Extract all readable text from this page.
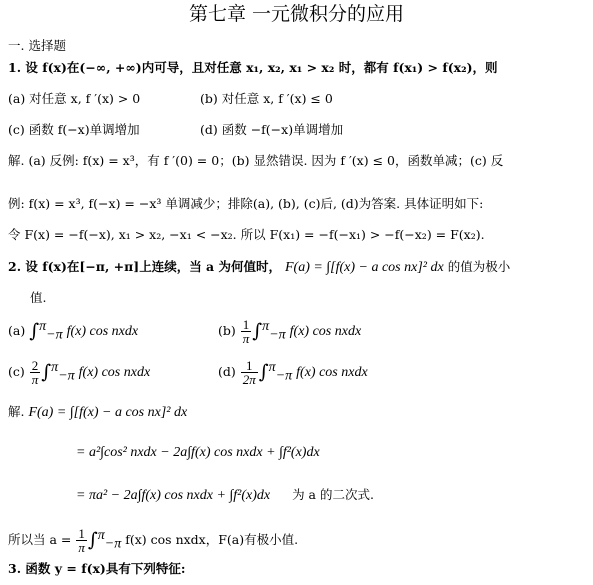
第七章 一元微积分的应用
一. 选择题
1. 设 f(x)在(−∞, +∞)内可导，且对任意 x₁, x₂, x₁ > x₂ 时，都有 f(x₁) > f(x₂)，则
(a) 对任意 x, f ′(x) > 0	(b) 对任意 x, f ′(x) ≤ 0
(c) 函数 f(−x)单调增加	(d) 函数 −f(−x)单调增加
解. (a) 反例: f(x) = x³，有 f ′(0) = 0；(b) 显然错误. 因为 f ′(x) ≤ 0，函数单减；(c) 反
例: f(x) = x³, f(−x) = −x³ 单调减少；排除(a), (b), (c)后, (d)为答案. 具体证明如下:
令 F(x) = −f(−x), x₁ > x₂, −x₁ < −x₂. 所以 F(x₁) = −f(−x₁) > −f(−x₂) = F(x₂).
2. 设 f(x)在[−π, +π]上连续，当 a 为何值时， F(a) = ∫[f(x) − a cos nx]² dx 的值为极小
值.
(a) ∫$^\pi_{-\pi}$ f(x) cos nxdx	$(b) \frac{1}{\pi} \int^\pi_{-\pi}$ f(x) cos nxdx
$(c) \frac{2}{\pi} \int^\pi_{-\pi}$ f(x) cos nxdx	$(d) \frac{1}{2\pi} \int^\pi_{-\pi}$ f(x) cos nxdx
解. F(a) = ∫[f(x) − a cos nx]² dx
= a²∫cos² nxdx − 2a∫f(x) cos nxdx + ∫f²(x)dx
= πa² − 2a∫f(x) cos nxdx + ∫f²(x)dx 为 a 的二次式.
所以当 $a = \frac{1}{\pi} \int^\pi_{-\pi}$ f(x) cos nxdx，F(a)有极小值.
3. 函数 y = f(x)具有下列特征:
